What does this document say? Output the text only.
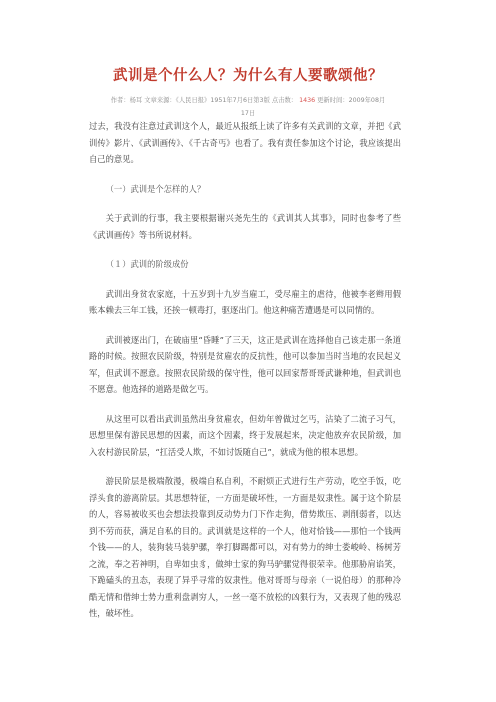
武训是个什么人？为什么有人要歌颂他？
作者：杨耳 文章来源：《人民日报》1951年7月6日第3版 点击数： 1436 更新时间：2009年08月
17日

过去，我没有注意过武训这个人，最近从报纸上读了许多有关武训的文章，并把《武训传》影片、《武训画传》、《千古奇丐》也看了。我有责任参加这个讨论，我应该提出自己的意见。

（一）武训是个怎样的人？

关于武训的行事，我主要根据谢兴尧先生的《武训其人其事》，同时也参考了些《武训画传》等书所说材料。

（１）武训的阶级成份

武训出身贫农家庭，十五岁到十九岁当雇工，受尽雇主的虐待，他被李老辫用假账本赖去三年工钱，还挨一顿毒打，驱逐出门。他这种痛苦遭遇是可以同情的。

武训被逐出门，在破庙里“昏睡”了三天，这正是武训在选择他自己该走那一条道路的时候。按照农民阶级，特别是贫雇农的反抗性，他可以参加当时当地的农民起义军，但武训不愿意。按照农民阶级的保守性，他可以回家帮哥哥武谦种地，但武训也不愿意。他选择的道路是做乞丐。

从这里可以看出武训虽然出身贫雇农，但幼年曾做过乞丐，沾染了二流子习气，思想里保有游民思想的因素，而这个因素，终于发展起来，决定他放弃农民阶级，加入农村游民阶层，“扛活受人欺，不如讨饭随自己”，就成为他的根本思想。

游民阶层是极端散漫，极端自私自利，不耐烦正式进行生产劳动，吃空手饭，吃浮头食的游离阶层。其思想特征，一方面是破坏性，一方面是奴隶性。属于这个阶层的人，容易被收买也会想法投靠到反动势力门下作走狗，借势欺压、剥削弱者，以达到不劳而获，满足自私的目的。武训就是这样的一个人，他对恰钱——那怕一个钱两个钱——的人，装狗装马装驴骡，拳打脚踢都可以，对有势力的绅士娄峻岭、杨树芳之流，奉之若神明，自卑如虫豸，做绅士家的狗马驴骡觉得很荣幸。他那胁肩谄笑，下跪磕头的丑态，表现了异乎寻常的奴隶性。他对哥哥与母亲（一说伯母）的那种冷酷无情和借绅士势力重利盘剥穷人，一丝一毫不放松的凶狠行为，又表现了他的残忍性，破坏性。
